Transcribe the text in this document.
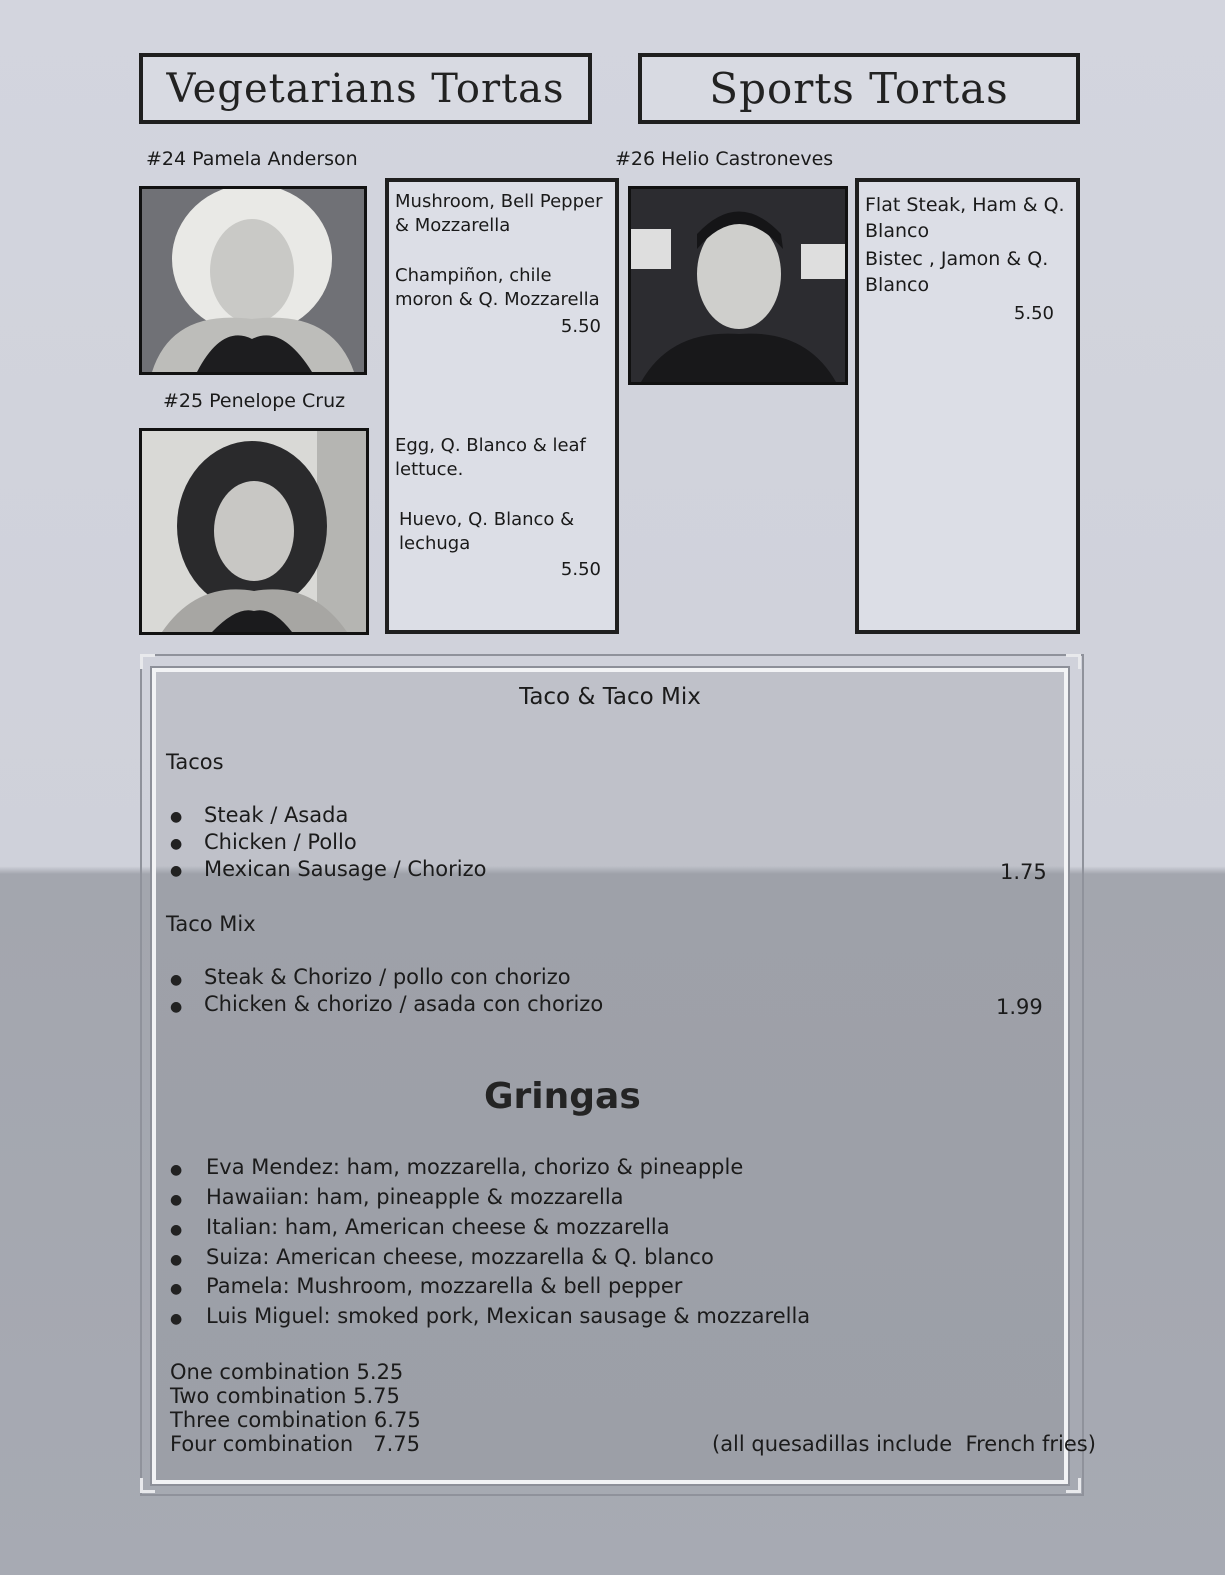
Vegetarians Tortas	Sports Tortas
#24 Pamela Anderson	#26 Helio Castroneves
#25 Penelope Cruz
Mushroom, Bell Pepper & Mozzarella
Champiñon, chile moron & Q. Mozzarella
5.50
Egg, Q. Blanco & leaf lettuce.
Huevo, Q. Blanco & lechuga
5.50
Flat Steak, Ham & Q. Blanco
Bistec , Jamon & Q. Blanco
5.50
Taco & Taco Mix
Tacos
● Steak / Asada
● Chicken / Pollo
● Mexican Sausage / Chorizo	1.75
Taco Mix
● Steak & Chorizo / pollo con chorizo
● Chicken & chorizo / asada con chorizo	1.99
Gringas
● Eva Mendez: ham, mozzarella, chorizo & pineapple
● Hawaiian: ham, pineapple & mozzarella
● Italian: ham, American cheese & mozzarella
● Suiza: American cheese, mozzarella & Q. blanco
● Pamela: Mushroom, mozzarella & bell pepper
● Luis Miguel: smoked pork, Mexican sausage & mozzarella
One combination 5.25
Two combination 5.75
Three combination 6.75
Four combination   7.75	(all quesadillas include  French fries)
